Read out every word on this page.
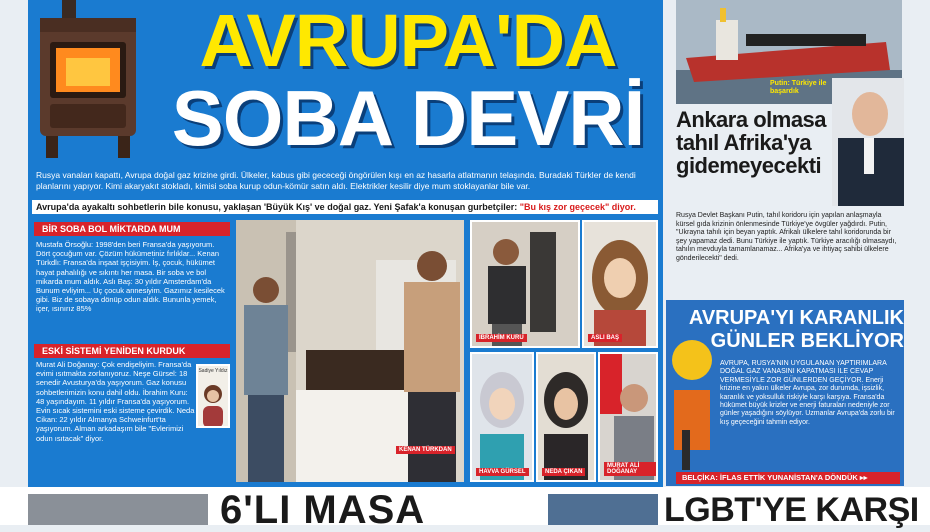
AVRUPA'DA
SOBA DEVRİ
Rusya vanaları kapattı, Avrupa doğal gaz krizine girdi. Ülkeler, kabus gibi gececeği öngörülen kışı en az hasarla atlatmanın telaşında. Buradaki Türkler de kendi planlarını yapıyor. Kimi akaryakıt stokladı, kimisi soba kurup odun-kömür satın aldı. Elektrikler kesilir diye mum stoklayanlar bile var.
Avrupa'da ayakaltı sohbetlerin bile konusu, yaklaşan 'Büyük Kış' ve doğal gaz. Yeni Şafak'a konuşan gurbetçiler: "Bu kış zor geçecek" diyor.
BİR SOBA BOL MİKTARDA MUM
Mustafa Örsoğlu: 1998'den beri Fransa'da yaşıyorum. Dört çocuğum var. Çözüm hükümetiniz fırlıklar... Kenan Türkdlı: Fransa'da inşaat işçisiyim. İş, çocuk, hükümet hayat pahalılığı ve sıkıntı her masa. Bir soba ve bol mikarda mum aldık. Aslı Baş: 30 yıldır Amsterdam'da Bunum evliyim... Uç çocuk annesiyim. Gazımız kesilecek gibi. Biz de sobaya dönüp odun aldık. Bununla yemek, içer, ısınırız 85%
ESKİ SİSTEMİ YENİDEN KURDUK
Murat Ali Doğanay: Çok endişeliyim. Fransa'da evimi ısıtmakta zorlanıyoruz. Neşe Gürsel: 18 senedir Avusturya'da yaşıyorum. Gaz konusu sohbetlerimizin konu dahil oldu. İbrahim Kuru: 48 yaşındayım. 11 yıldır Fransa'da yaşıyorum. Evin sıcak sistemini eski sisteme çevirdik. Neda Cikan: 22 yıldır Almanya Schweinfurt'ta yaşıyorum. Alman arkadaşım bile "Evlerimizi odun ısıtacak" diyor.
Sadiye Yıldız
KENAN TÜRKDAN
İBRAHİM KURU	ASLI BAŞ
HAVVA GÜRSEL	NEDA ÇIKAN
MURAT ALİ DOĞANAY
Putin: Türkiye ile başardık
Ankara olmasa tahıl Afrika'ya gidemeyecekti
Rusya Devlet Başkanı Putin, tahıl koridoru için yapılan anlaşmayla kürsel gıda krizinin önlenmesinde Türkiye'ye övgüler yağdırdı. Putin, "Ukrayna tahılı için beyan yaptık. Afrikalı ülkelere tahıl koridorunda bir şey yapamaz dedi. Bunu Türkiye ile yaptık. Türkiye aracılığı olmasaydı, tahılın mevduyla tamamlanamaz... Afrika'ya ve ihtiyaç sahibi ülkelere gönderilecekti" dedi.
AVRUPA'YI KARANLIK
GÜNLER BEKLİYOR
AVRUPA, RUSYA'NIN UYGULANAN YAPTIRIMLARA DOĞAL GAZ VANASINI KAPATMASI İLE CEVAP VERMESİYLE ZOR GÜNLERDEN GEÇİYOR. Enerji krizine en yakın ülkeler Avrupa, zor durumda, işsizlik, karanlık ve yoksulluk riskiyle karşı karşıya. Fransa'da hükümet büyük krizler ve enerji faturaları nedeniyle zor günler yaşadığını söylüyor. Uzmanlar Avrupa'da zorlu bir kış geçeceğini tahmin ediyor.
BELÇİKA: İFLAS ETTİK YUNANİSTAN'A DÖNDÜK ▸▸
6'LI MASA	LGBT'YE KARŞI
